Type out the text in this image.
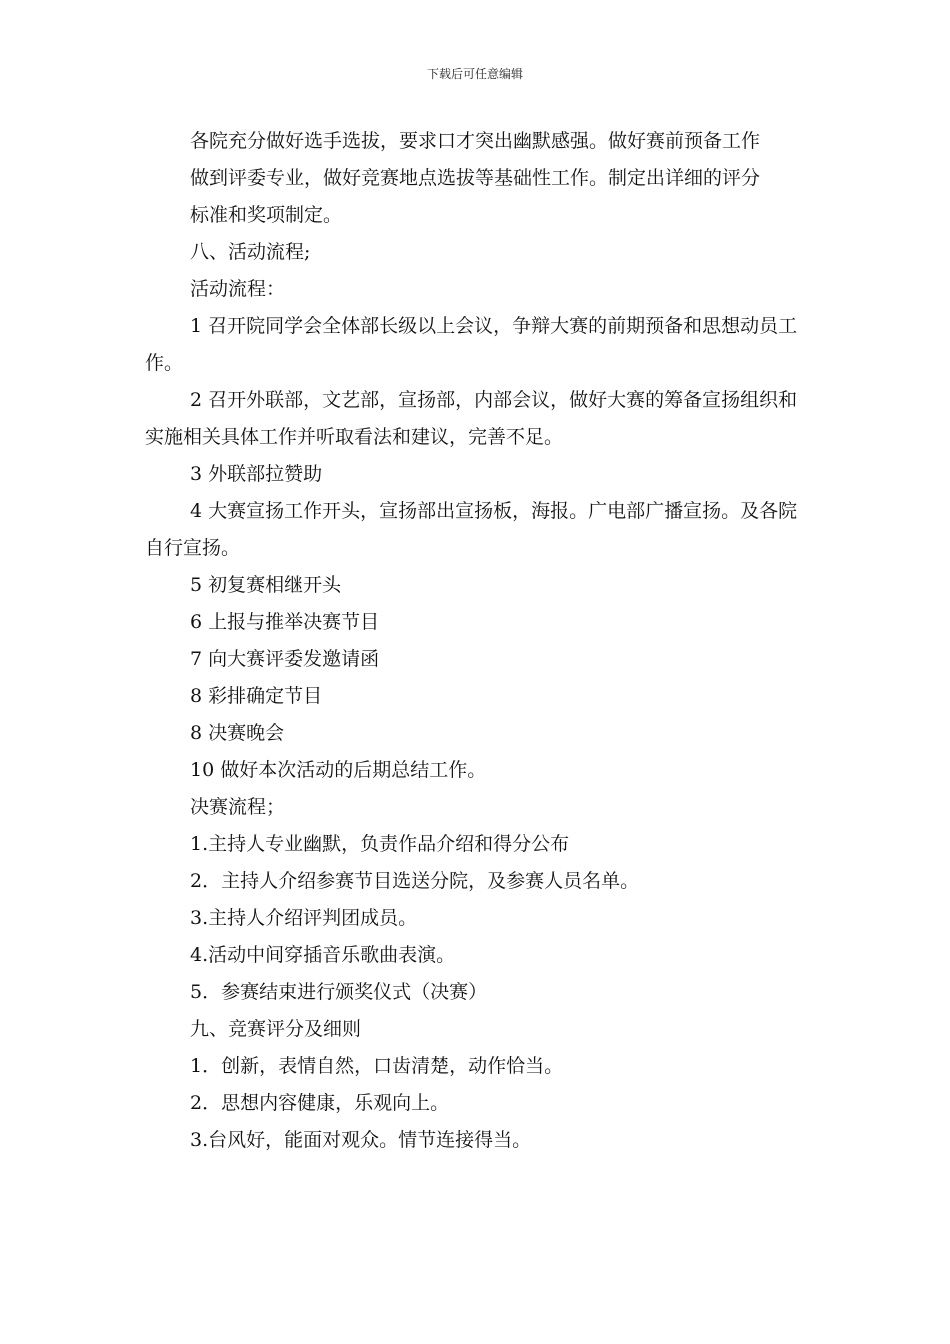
下载后可任意编辑

各院充分做好选手选拔，要求口才突出幽默感强。做好赛前预备工作

做到评委专业，做好竞赛地点选拔等基础性工作。制定出详细的评分

标准和奖项制定。

八、活动流程;

活动流程：

1 召开院同学会全体部长级以上会议，争辩大赛的前期预备和思想动员工作。

2 召开外联部，文艺部，宣扬部，内部会议，做好大赛的筹备宣扬组织和实施相关具体工作并听取看法和建议，完善不足。

3 外联部拉赞助

4 大赛宣扬工作开头，宣扬部出宣扬板，海报。广电部广播宣扬。及各院自行宣扬。

5 初复赛相继开头

6 上报与推举决赛节目

7 向大赛评委发邀请函

8 彩排确定节目

8 决赛晚会

10 做好本次活动的后期总结工作。

决赛流程；

1.主持人专业幽默，负责作品介绍和得分公布

2．主持人介绍参赛节目选送分院，及参赛人员名单。

3.主持人介绍评判团成员。

4.活动中间穿插音乐歌曲表演。

5．参赛结束进行颁奖仪式（决赛）

九、竞赛评分及细则

1．创新，表情自然，口齿清楚，动作恰当。

2．思想内容健康，乐观向上。

3.台风好，能面对观众。情节连接得当。
